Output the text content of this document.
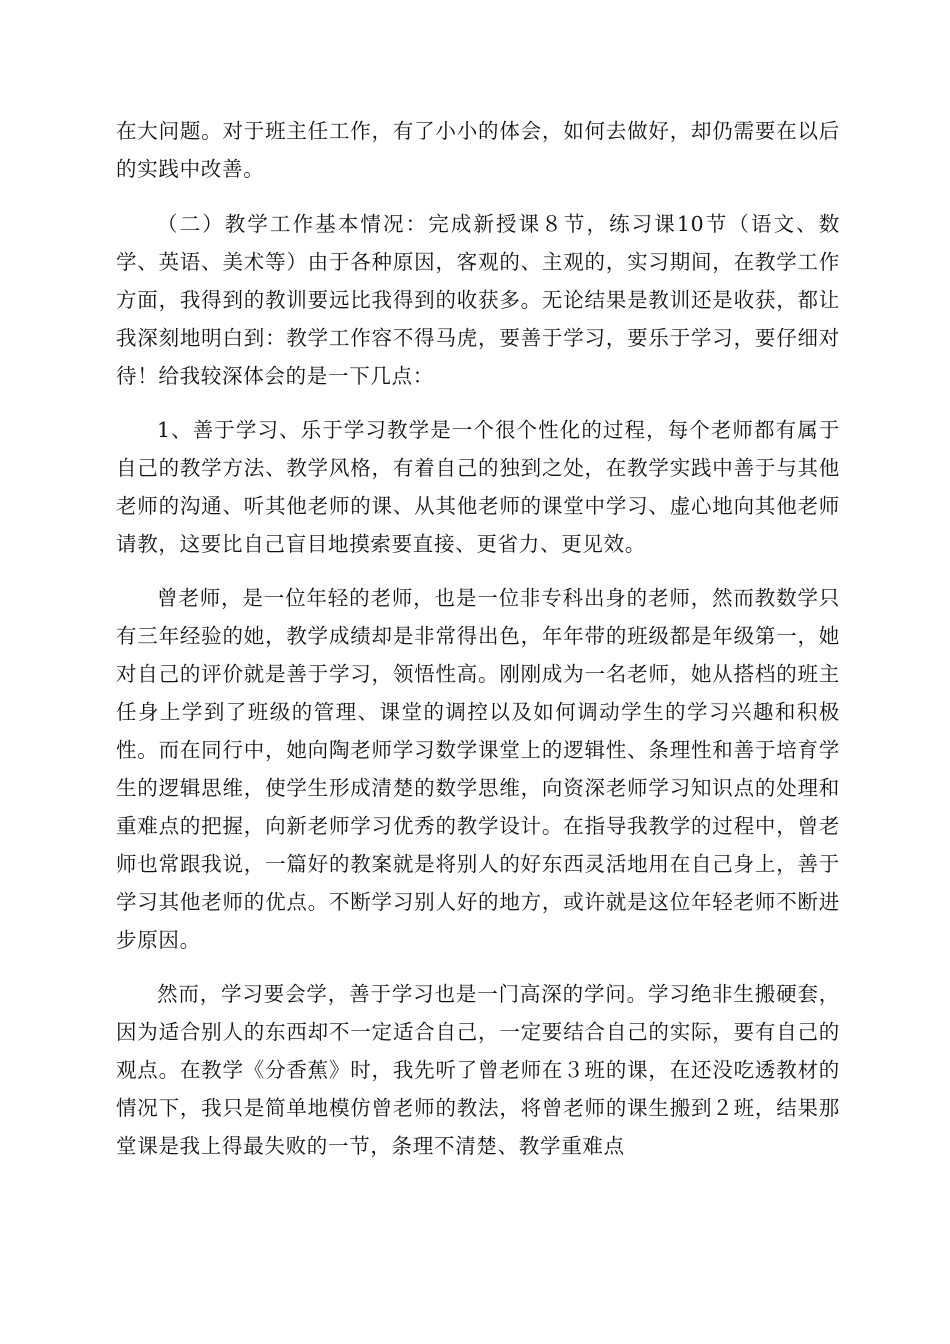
在大问题。对于班主任工作，有了小小的体会，如何去做好，却仍需要在以后的实践中改善。

（二）教学工作基本情况：完成新授课８节，练习课10节（语文、数学、英语、美术等）由于各种原因，客观的、主观的，实习期间，在教学工作方面，我得到的教训要远比我得到的收获多。无论结果是教训还是收获，都让我深刻地明白到：教学工作容不得马虎，要善于学习，要乐于学习，要仔细对待！给我较深体会的是一下几点：

1、善于学习、乐于学习教学是一个很个性化的过程，每个老师都有属于自己的教学方法、教学风格，有着自己的独到之处，在教学实践中善于与其他老师的沟通、听其他老师的课、从其他老师的课堂中学习、虚心地向其他老师请教，这要比自己盲目地摸索要直接、更省力、更见效。

曾老师，是一位年轻的老师，也是一位非专科出身的老师，然而教数学只有三年经验的她，教学成绩却是非常得出色，年年带的班级都是年级第一，她对自己的评价就是善于学习，领悟性高。刚刚成为一名老师，她从搭档的班主任身上学到了班级的管理、课堂的调控以及如何调动学生的学习兴趣和积极性。而在同行中，她向陶老师学习数学课堂上的逻辑性、条理性和善于培育学生的逻辑思维，使学生形成清楚的数学思维，向资深老师学习知识点的处理和重难点的把握，向新老师学习优秀的教学设计。在指导我教学的过程中，曾老师也常跟我说，一篇好的教案就是将别人的好东西灵活地用在自己身上，善于学习其他老师的优点。不断学习别人好的地方，或许就是这位年轻老师不断进步原因。

然而，学习要会学，善于学习也是一门高深的学问。学习绝非生搬硬套，因为适合别人的东西却不一定适合自己，一定要结合自己的实际，要有自己的观点。在教学《分香蕉》时，我先听了曾老师在３班的课，在还没吃透教材的情况下，我只是简单地模仿曾老师的教法，将曾老师的课生搬到２班，结果那堂课是我上得最失败的一节，条理不清楚、教学重难点
